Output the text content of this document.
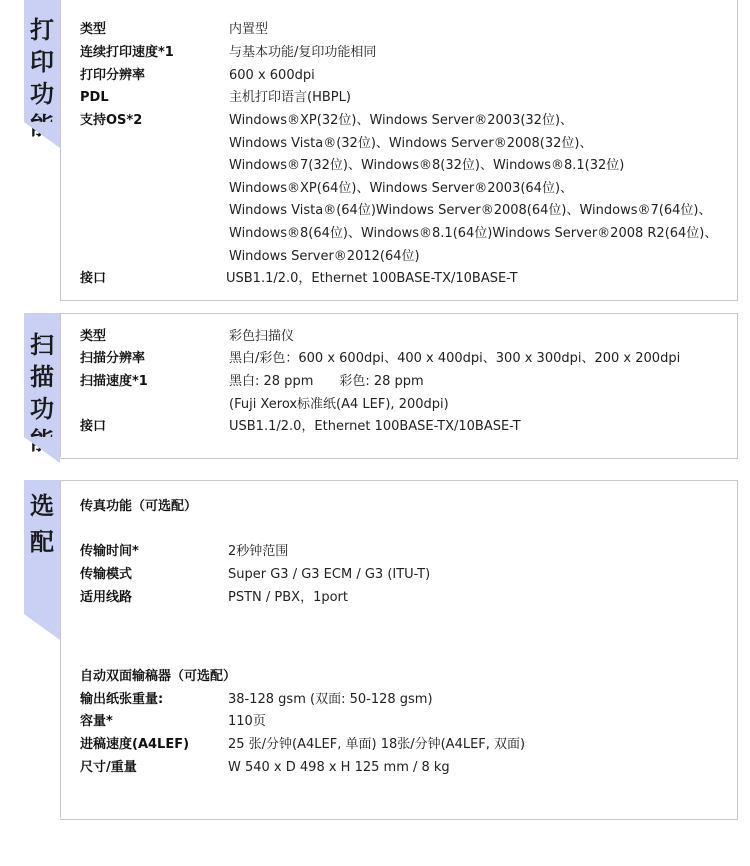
打印功
类型	内置型
连续打印速度*1	与基本功能/复印功能相同
打印分辨率	600 x 600dpi
PDL	主机打印语言(HBPL)
支持OS*2	Windows®XP(32位)、Windows Server®2003(32位)、
Windows Vista®(32位)、Windows Server®2008(32位)、
Windows®7(32位)、Windows®8(32位)、Windows®8.1(32位)
Windows®XP(64位)、Windows Server®2003(64位)、
Windows Vista®(64位)Windows Server®2008(64位)、Windows®7(64位)、
Windows®8(64位)、Windows®8.1(64位)Windows Server®2008 R2(64位)、
Windows Server®2012(64位)
接口	USB1.1/2.0，Ethernet 100BASE-TX/10BASE-T
扫描功
类型	彩色扫描仪
扫描分辨率	黑白/彩色：600 x 600dpi、400 x 400dpi、300 x 300dpi、200 x 200dpi
扫描速度*1	黑白: 28 ppm　　彩色: 28 ppm
(Fuji Xerox标准纸(A4 LEF), 200dpi)
接口	USB1.1/2.0，Ethernet 100BASE-TX/10BASE-T
选配
传真功能（可选配）
传输时间*	2秒钟范围
传输模式	Super G3 / G3 ECM / G3 (ITU-T)
适用线路	PSTN / PBX，1port
自动双面输稿器（可选配）
输出纸张重量:	38-128 gsm (双面: 50-128 gsm)
容量*	110页
进稿速度(A4LEF)	25 张/分钟(A4LEF, 单面) 18张/分钟(A4LEF, 双面)
尺寸/重量	W 540 x D 498 x H 125 mm / 8 kg
